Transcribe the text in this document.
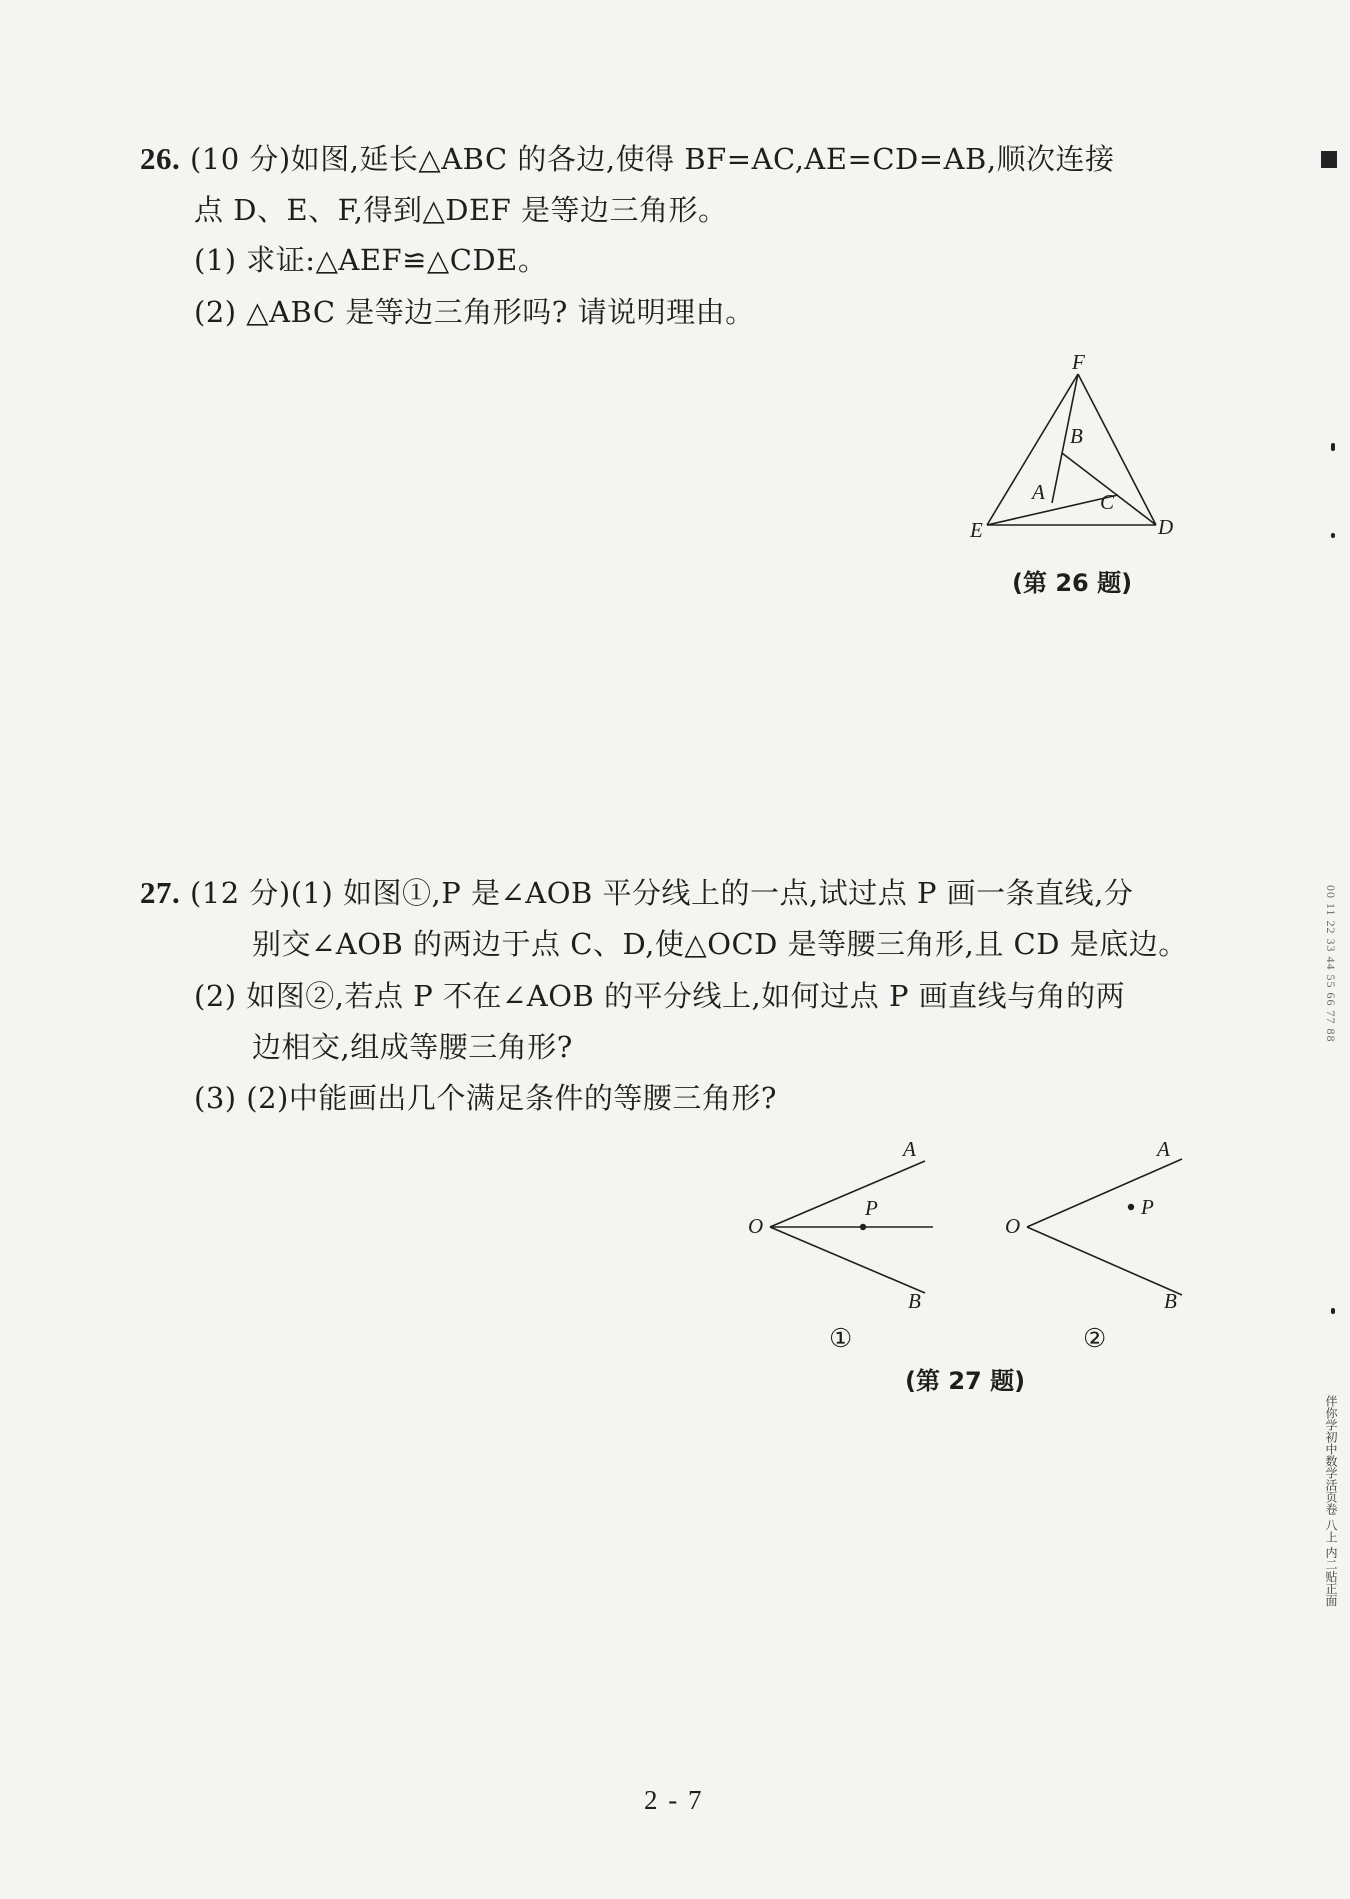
00 11 22 33 44 55 66 77 88
伴你学初中数学活页卷 八上 内二贴正面
26. (10 分)如图,延长△ABC 的各边,使得 BF=AC,AE=CD=AB,顺次连接
点 D、E、F,得到△DEF 是等边三角形。
(1) 求证:△AEF≌△CDE。
(2) △ABC 是等边三角形吗? 请说明理由。
F
B
A	C
E	D
(第 26 题)
27. (12 分)(1) 如图①,P 是∠AOB 平分线上的一点,试过点 P 画一条直线,分
别交∠AOB 的两边于点 C、D,使△OCD 是等腰三角形,且 CD 是底边。
(2) 如图②,若点 P 不在∠AOB 的平分线上,如何过点 P 画直线与角的两
边相交,组成等腰三角形?
(3) (2)中能画出几个满足条件的等腰三角形?
A
P
O
B
A
P
O
B
①	②
(第 27 题)
2 - 7
